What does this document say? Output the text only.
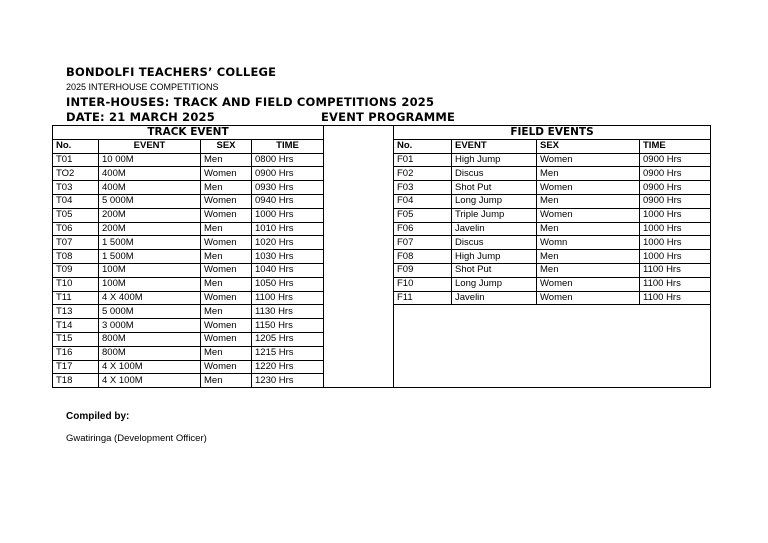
BONDOLFI TEACHERS’ COLLEGE
2025 INTERHOUSE COMPETITIONS
INTER-HOUSES: TRACK AND FIELD COMPETITIONS 2025
DATE: 21 MARCH 2025	EVENT PROGRAMME
TRACK EVENT					FIELD EVENTS			
No.	EVENT	SEX	TIME		No.	EVENT	SEX	TIME
T01	10 00M	Men	0800 Hrs		F01	High Jump	Women	0900 Hrs
TO2	400M	Women	0900 Hrs		F02	Discus	Men	0900 Hrs
T03	400M	Men	0930 Hrs		F03	Shot Put	Women	0900 Hrs
T04	5 000M	Women	0940 Hrs		F04	Long Jump	Men	0900 Hrs
T05	200M	Women	1000 Hrs		F05	Triple Jump	Women	1000 Hrs
T06	200M	Men	1010 Hrs		F06	Javelin	Men	1000 Hrs
T07	1 500M	Women	1020 Hrs		F07	Discus	Womn	1000 Hrs
T08	1 500M	Men	1030 Hrs		F08	High Jump	Men	1000 Hrs
T09	100M	Women	1040 Hrs		F09	Shot Put	Men	1100 Hrs
T10	100M	Men	1050 Hrs		F10	Long Jump	Women	1100 Hrs
T11	4 X 400M	Women	1100 Hrs		F11	Javelin	Women	1100 Hrs
T13	5 000M	Men	1130 Hrs					
T14	3 000M	Women	1150 Hrs					
T15	800M	Women	1205 Hrs					
T16	800M	Men	1215 Hrs					
T17	4 X 100M	Women	1220 Hrs					
T18	4 X 100M	Men	1230 Hrs					
Compiled by:
Gwatiringa (Development Officer)
